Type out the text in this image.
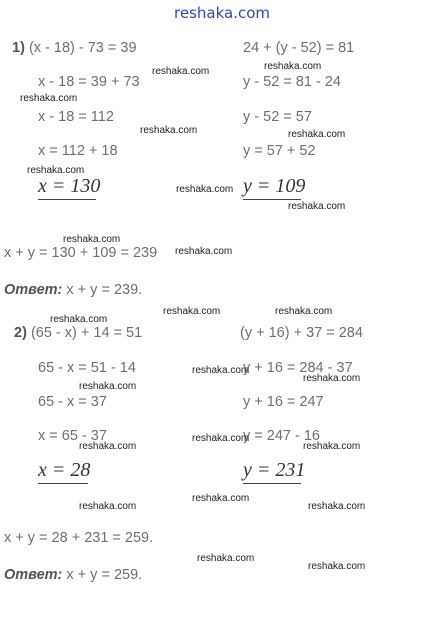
reshaka.com
1) (x - 18) - 73 = 39
x - 18 = 39 + 73
x - 18 = 112
x = 112 + 18
x = 130
24 + (y - 52) = 81
y - 52 = 81 - 24
y - 52 = 57
y = 57 + 52
y = 109
x + y = 130 + 109 = 239
Ответ: x + y = 239.
2) (65 - x) + 14 = 51
65 - x = 51 - 14
65 - x = 37
x = 65 - 37
x = 28
(y + 16) + 37 = 284
y + 16 = 284 - 37
y + 16 = 247
y = 247 - 16
y = 231
x + y = 28 + 231 = 259.
Ответ: x + y = 259.
reshaka.com
reshaka.com
reshaka.com
reshaka.com
reshaka.com
reshaka.com
reshaka.com
reshaka.com
reshaka.com
reshaka.com
reshaka.com	reshaka.com
reshaka.com
reshaka.com
reshaka.com
reshaka.com
reshaka.com
reshaka.com	reshaka.com
reshaka.com
reshaka.com	reshaka.com
reshaka.com
reshaka.com
